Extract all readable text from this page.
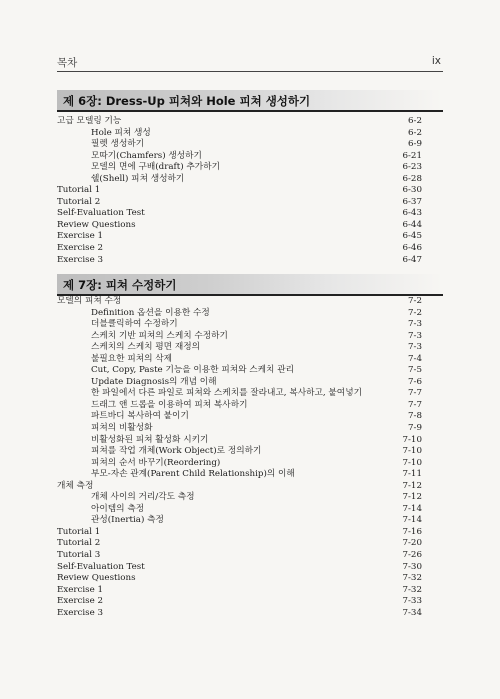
목차	ix
제 6장: Dress-Up 피쳐와 Hole 피쳐 생성하기
고급 모델링 기능	6-2
Hole 피쳐 생성	6-2
필렛 생성하기	6-9
모따기(Chamfers) 생성하기	6-21
모델의 면에 구배(draft) 추가하기	6-23
쉘(Shell) 피쳐 생성하기	6-28
Tutorial 1	6-30
Tutorial 2	6-37
Self-Evaluation Test	6-43
Review Questions	6-44
Exercise 1	6-45
Exercise 2	6-46
Exercise 3	6-47
제 7장: 피쳐 수정하기
모델의 피쳐 수정	7-2
Definition 옵션을 이용한 수정	7-2
더블클릭하여 수정하기	7-3
스케치 기반 피쳐의 스케치 수정하기	7-3
스케치의 스케치 평면 재정의	7-3
불필요한 피쳐의 삭제	7-4
Cut, Copy, Paste 기능을 이용한 피쳐와 스케치 관리	7-5
Update Diagnosis의 개념 이해	7-6
한 파일에서 다른 파일로 피쳐와 스케치를 잘라내고, 복사하고, 붙여넣기	7-7
드래그 앤 드롭을 이용하여 피쳐 복사하기	7-7
파트바디 복사하여 붙이기	7-8
피쳐의 비활성화	7-9
비활성화된 피쳐 활성화 시키기	7-10
피쳐를 작업 개체(Work Object)로 정의하기	7-10
피쳐의 순서 바꾸기(Reordering)	7-10
부모-자손 관계(Parent Child Relationship)의 이해	7-11
개체 측정	7-12
개체 사이의 거리/각도 측정	7-12
아이템의 측정	7-14
관성(Inertia) 측정	7-14
Tutorial 1	7-16
Tutorial 2	7-20
Tutorial 3	7-26
Self-Evaluation Test	7-30
Review Questions	7-32
Exercise 1	7-32
Exercise 2	7-33
Exercise 3	7-34
